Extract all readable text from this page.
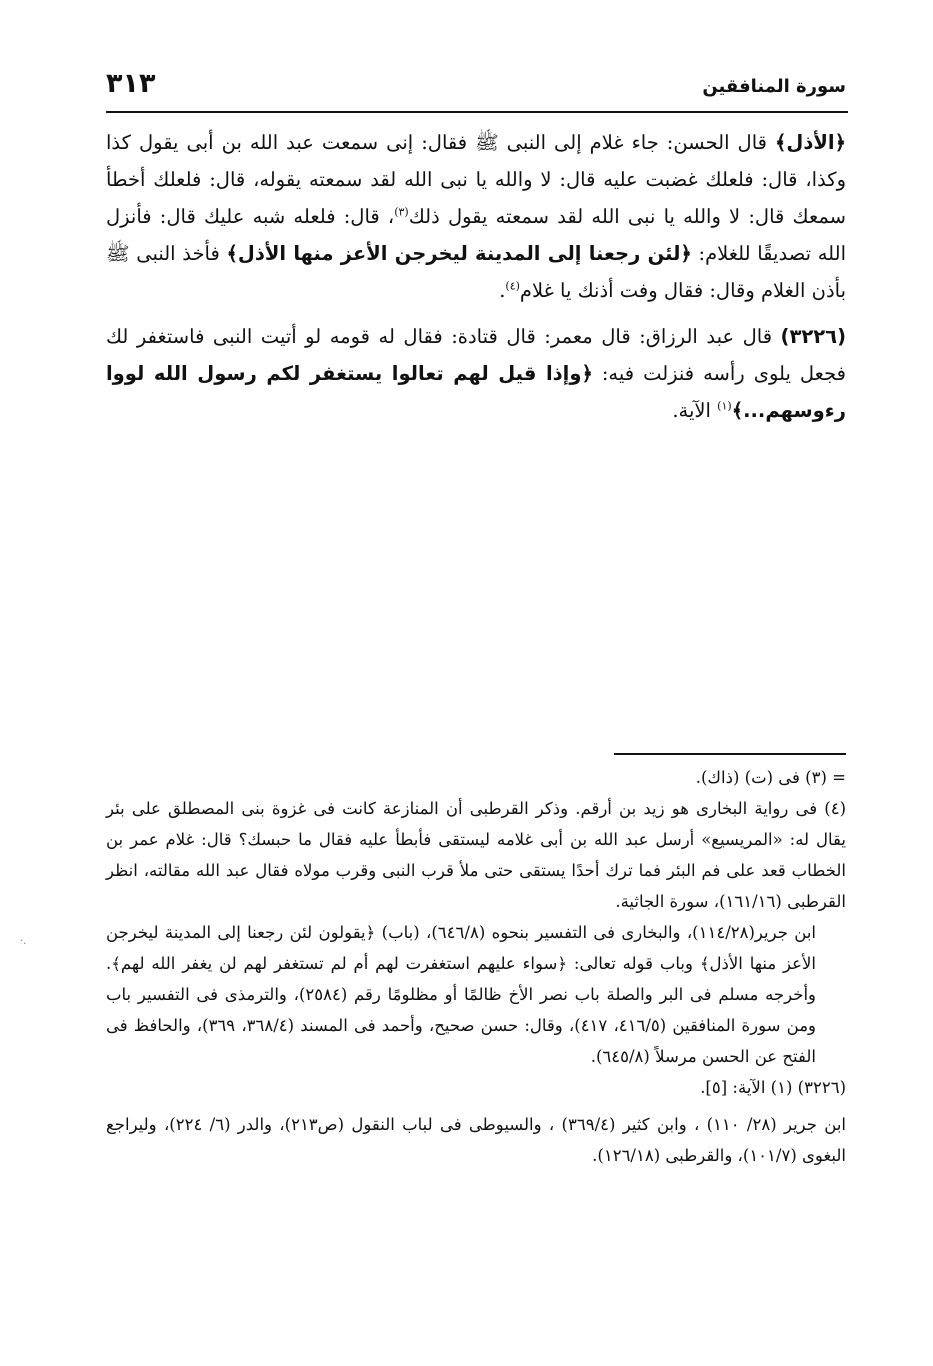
سورة المنافقين
٣١٣

﴿الأذل﴾ قال الحسن: جاء غلام إلى النبى ﷺ فقال: إنى سمعت عبد الله بن أبى يقول كذا وكذا، قال: فلعلك غضبت عليه قال: لا والله يا نبى الله لقد سمعته يقوله، قال: فلعلك أخطأ سمعك قال: لا والله يا نبى الله لقد سمعته يقول ذلك$^{(٣)}$، قال: فلعله شبه عليك قال: فأنزل الله تصديقًا للغلام: ﴿لئن رجعنا إلى المدينة ليخرجن الأعز منها الأذل﴾ فأخذ النبى ﷺ بأذن الغلام وقال: فقال وفت أذنك يا غلام$^{(٤)}$.

(٣٢٢٦) قال عبد الرزاق: قال معمر: قال قتادة: فقال له قومه لو أتيت النبى فاستغفر لك فجعل يلوى رأسه فنزلت فيه: ﴿وإذا قيل لهم تعالوا يستغفر لكم رسول الله لووا رءوسهم...﴾$^{(١)}$ الآية.

= (٣) فى (ت) (ذاك).

(٤) فى رواية البخارى هو زيد بن أرقم. وذكر القرطبى أن المنازعة كانت فى غزوة بنى المصطلق على بئر يقال له: «المريسيع» أرسل عبد الله بن أبى غلامه ليستقى فأبطأ عليه فقال ما حبسك؟ قال: غلام عمر بن الخطاب قعد على فم البئر فما ترك أحدًا يستقى حتى ملأ قرب النبى وقرب مولاه فقال عبد الله مقالته، انظر القرطبى (١٦١/١٦)، سورة الجاثية.

ابن جرير(١١٤/٢٨)، والبخارى فى التفسير بنحوه (٦٤٦/٨)، (باب) ﴿يقولون لئن رجعنا إلى المدينة ليخرجن الأعز منها الأذل﴾ وباب قوله تعالى: ﴿سواء عليهم استغفرت لهم أم لم تستغفر لهم لن يغفر الله لهم﴾. وأخرجه مسلم فى البر والصلة باب نصر الأخ ظالمًا أو مظلومًا رقم (٢٥٨٤)، والترمذى فى التفسير باب ومن سورة المنافقين (٤١٦/٥، ٤١٧)، وقال: حسن صحيح، وأحمد فى المسند (٣٦٨/٤، ٣٦٩)، والحافظ فى الفتح عن الحسن مرسلاً (٦٤٥/٨).

(٣٢٢٦) (١) الآية: [٥].

ابن جرير (٢٨/ ١١٠) ، وابن كثير (٣٦٩/٤) ، والسيوطى فى لباب النقول (ص٢١٣)، والدر (٦/ ٢٢٤)، وليراجع البغوى (١٠١/٧)، والقرطبى (١٢٦/١٨).

·.
